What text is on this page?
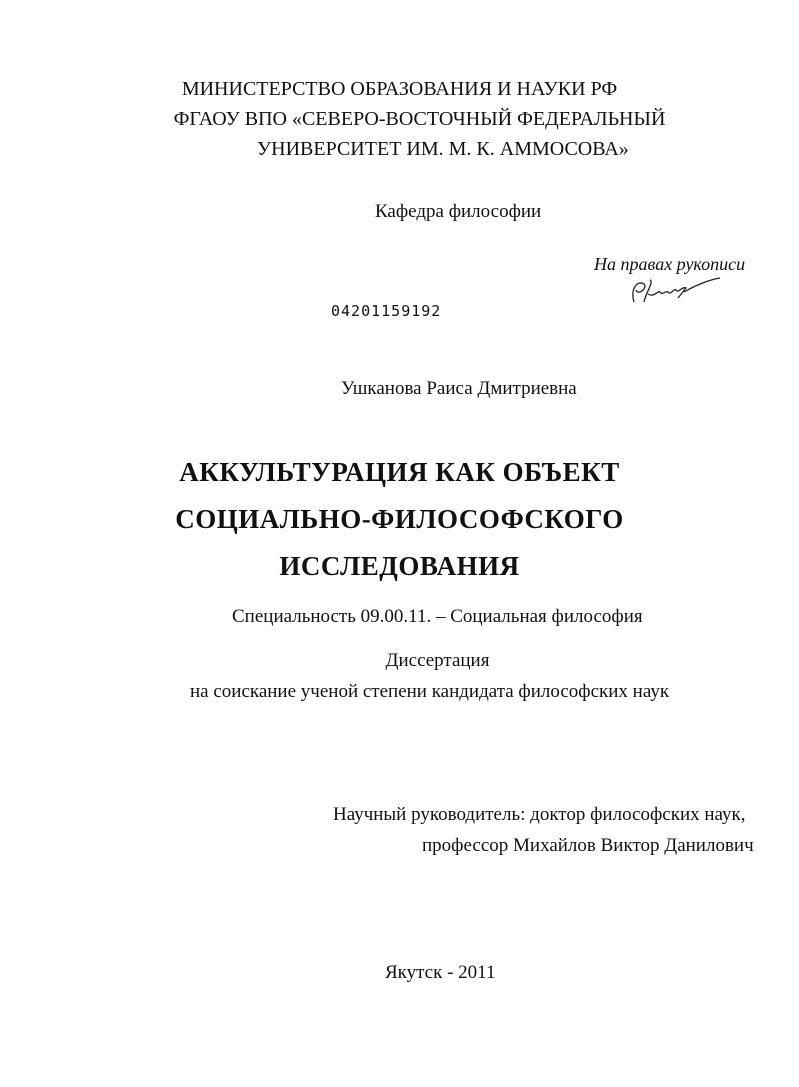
МИНИСТЕРСТВО ОБРАЗОВАНИЯ И НАУКИ РФ
ФГАОУ ВПО «СЕВЕРО-ВОСТОЧНЫЙ ФЕДЕРАЛЬНЫЙ
УНИВЕРСИТЕТ ИМ. М. К. АММОСОВА»
Кафедра философии
На правах рукописи
04201159192
Ушканова Раиса Дмитриевна
АККУЛЬТУРАЦИЯ КАК ОБЪЕКТ
СОЦИАЛЬНО-ФИЛОСОФСКОГО
ИССЛЕДОВАНИЯ
Специальность 09.00.11. – Социальная философия
Диссертация
на соискание ученой степени кандидата философских наук
Научный руководитель: доктор философских наук,
профессор Михайлов Виктор Данилович
Якутск - 2011
